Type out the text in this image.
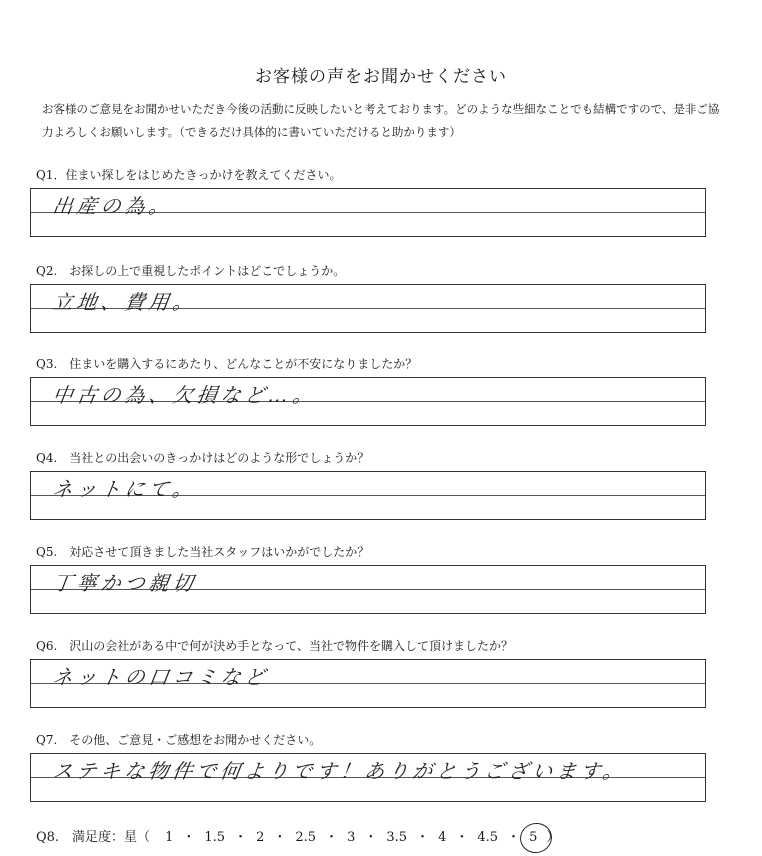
お客様の声をお聞かせください
お客様のご意見をお聞かせいただき今後の活動に反映したいと考えております。どのような些細なことでも結構ですので、是非ご協力よろしくお願いします。（できるだけ具体的に書いていただけると助かります）
Q1．住まい探しをはじめたきっかけを教えてください。
出産の為。
Q2.　お探しの上で重視したポイントはどこでしょうか。
立地、費用。
Q3.　住まいを購入するにあたり、どんなことが不安になりましたか？
中古の為、欠損など…。
Q4.　当社との出会いのきっかけはどのような形でしょうか？
ネットにて。
Q5.　対応させて頂きました当社スタッフはいかがでしたか？
丁寧かつ親切
Q6.　沢山の会社がある中で何が決め手となって、当社で物件を購入して頂けましたか？
ネットの口コミなど
Q7.　その他、ご意見・ご感想をお聞かせください。
ステキな物件で何よりです！ありがとうございます。
Q8.　満足度：星（ 1 ・ 1.5 ・ 2 ・ 2.5 ・ 3 ・ 3.5 ・ 4 ・ 4.5 ・ 5 ）
